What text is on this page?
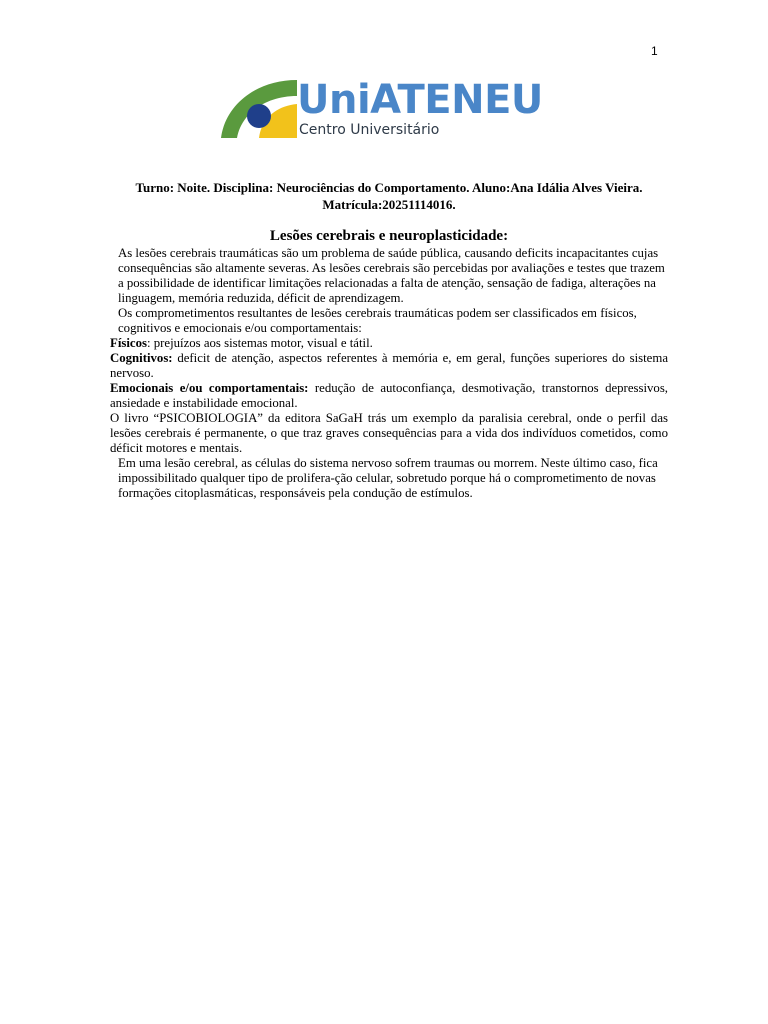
1
UniATENEU
Centro Universitário
Turno: Noite. Disciplina: Neurociências do Comportamento. Aluno:Ana Idália Alves Vieira.
Matrícula:20251114016.
Lesões cerebrais e neuroplasticidade:

As lesões cerebrais traumáticas são um problema de saúde pública, causando deficits incapacitantes cujas consequências são altamente severas. As lesões cerebrais são percebidas por avaliações e testes que trazem a possibilidade de identificar limitações relacionadas a falta de atenção, sensação de fadiga, alterações na linguagem, memória reduzida, déficit de aprendizagem.

Os comprometimentos resultantes de lesões cerebrais traumáticas podem ser classificados em físicos, cognitivos e emocionais e/ou comportamentais:

Físicos: prejuízos aos sistemas motor, visual e tátil.

Cognitivos: deficit de atenção, aspectos referentes à memória e, em geral, funções superiores do sistema nervoso.

Emocionais e/ou comportamentais: redução de autoconfiança, desmotivação, transtornos depressivos, ansiedade e instabilidade emocional.

O livro “PSICOBIOLOGIA” da editora SaGaH trás um exemplo da paralisia cerebral, onde o perfil das lesões cerebrais é permanente, o que traz graves consequências para a vida dos indivíduos cometidos, como déficit motores e mentais.

Em uma lesão cerebral, as células do sistema nervoso sofrem traumas ou morrem. Neste último caso, fica impossibilitado qualquer tipo de prolifera-ção celular, sobretudo porque há o comprometimento de novas formações citoplasmáticas, responsáveis pela condução de estímulos.
